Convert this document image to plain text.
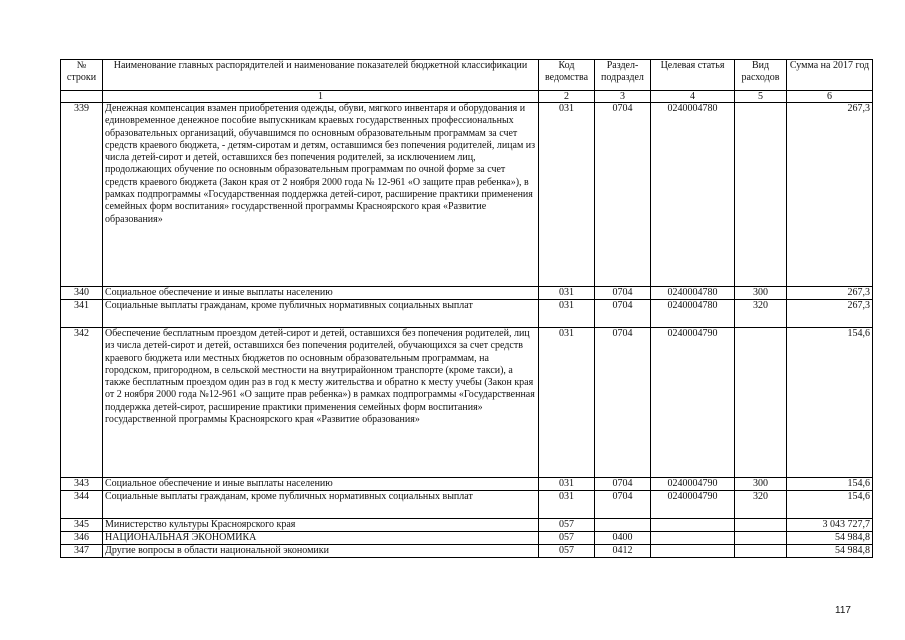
№ строки	Наименование главных распорядителей и наименование показателей бюджетной классификации	Код ведомства	Раздел-подраздел	Целевая статья	Вид расходов	Сумма на 2017 год
	1	2	3	4	5	6
339	Денежная компенсация взамен приобретения одежды, обуви, мягкого инвентаря и оборудования и единовременное денежное пособие выпускникам краевых государственных профессиональных образовательных организаций, обучавшимся по основным образовательным программам за счет средств краевого бюджета, - детям-сиротам и детям, оставшимся без попечения родителей, лицам из числа детей-сирот и детей, оставшихся без попечения родителей, за исключением лиц, продолжающих обучение по основным образовательным программам по очной форме за счет средств краевого бюджета (Закон края от 2 ноября 2000 года № 12-961 «О защите прав ребенка»), в рамках подпрограммы «Государственная поддержка детей-сирот, расширение практики применения семейных форм воспитания» государственной программы Красноярского края «Развитие образования»	031	0704	0240004780		267,3
340	Социальное обеспечение и иные выплаты населению	031	0704	0240004780	300	267,3
341	Социальные выплаты гражданам, кроме публичных нормативных социальных выплат	031	0704	0240004780	320	267,3
342	Обеспечение бесплатным проездом детей-сирот и детей, оставшихся без попечения родителей, лиц из числа детей-сирот и детей, оставшихся без попечения родителей, обучающихся за счет средств краевого бюджета или местных бюджетов по основным образовательным программам, на городском, пригородном, в сельской местности на внутрирайонном транспорте (кроме такси), а также бесплатным проездом один раз в год к месту жительства и обратно к месту учебы (Закон края от 2 ноября 2000 года №12-961 «О защите прав ребенка») в рамках подпрограммы «Государственная поддержка детей-сирот, расширение практики применения семейных форм воспитания» государственной программы Красноярского края «Развитие образования»	031	0704	0240004790		154,6
343	Социальное обеспечение и иные выплаты населению	031	0704	0240004790	300	154,6
344	Социальные выплаты гражданам, кроме публичных нормативных социальных выплат	031	0704	0240004790	320	154,6
345	Министерство культуры Красноярского края	057				3 043 727,7
346	НАЦИОНАЛЬНАЯ ЭКОНОМИКА	057	0400			54 984,8
347	Другие вопросы в области национальной экономики	057	0412			54 984,8
117
